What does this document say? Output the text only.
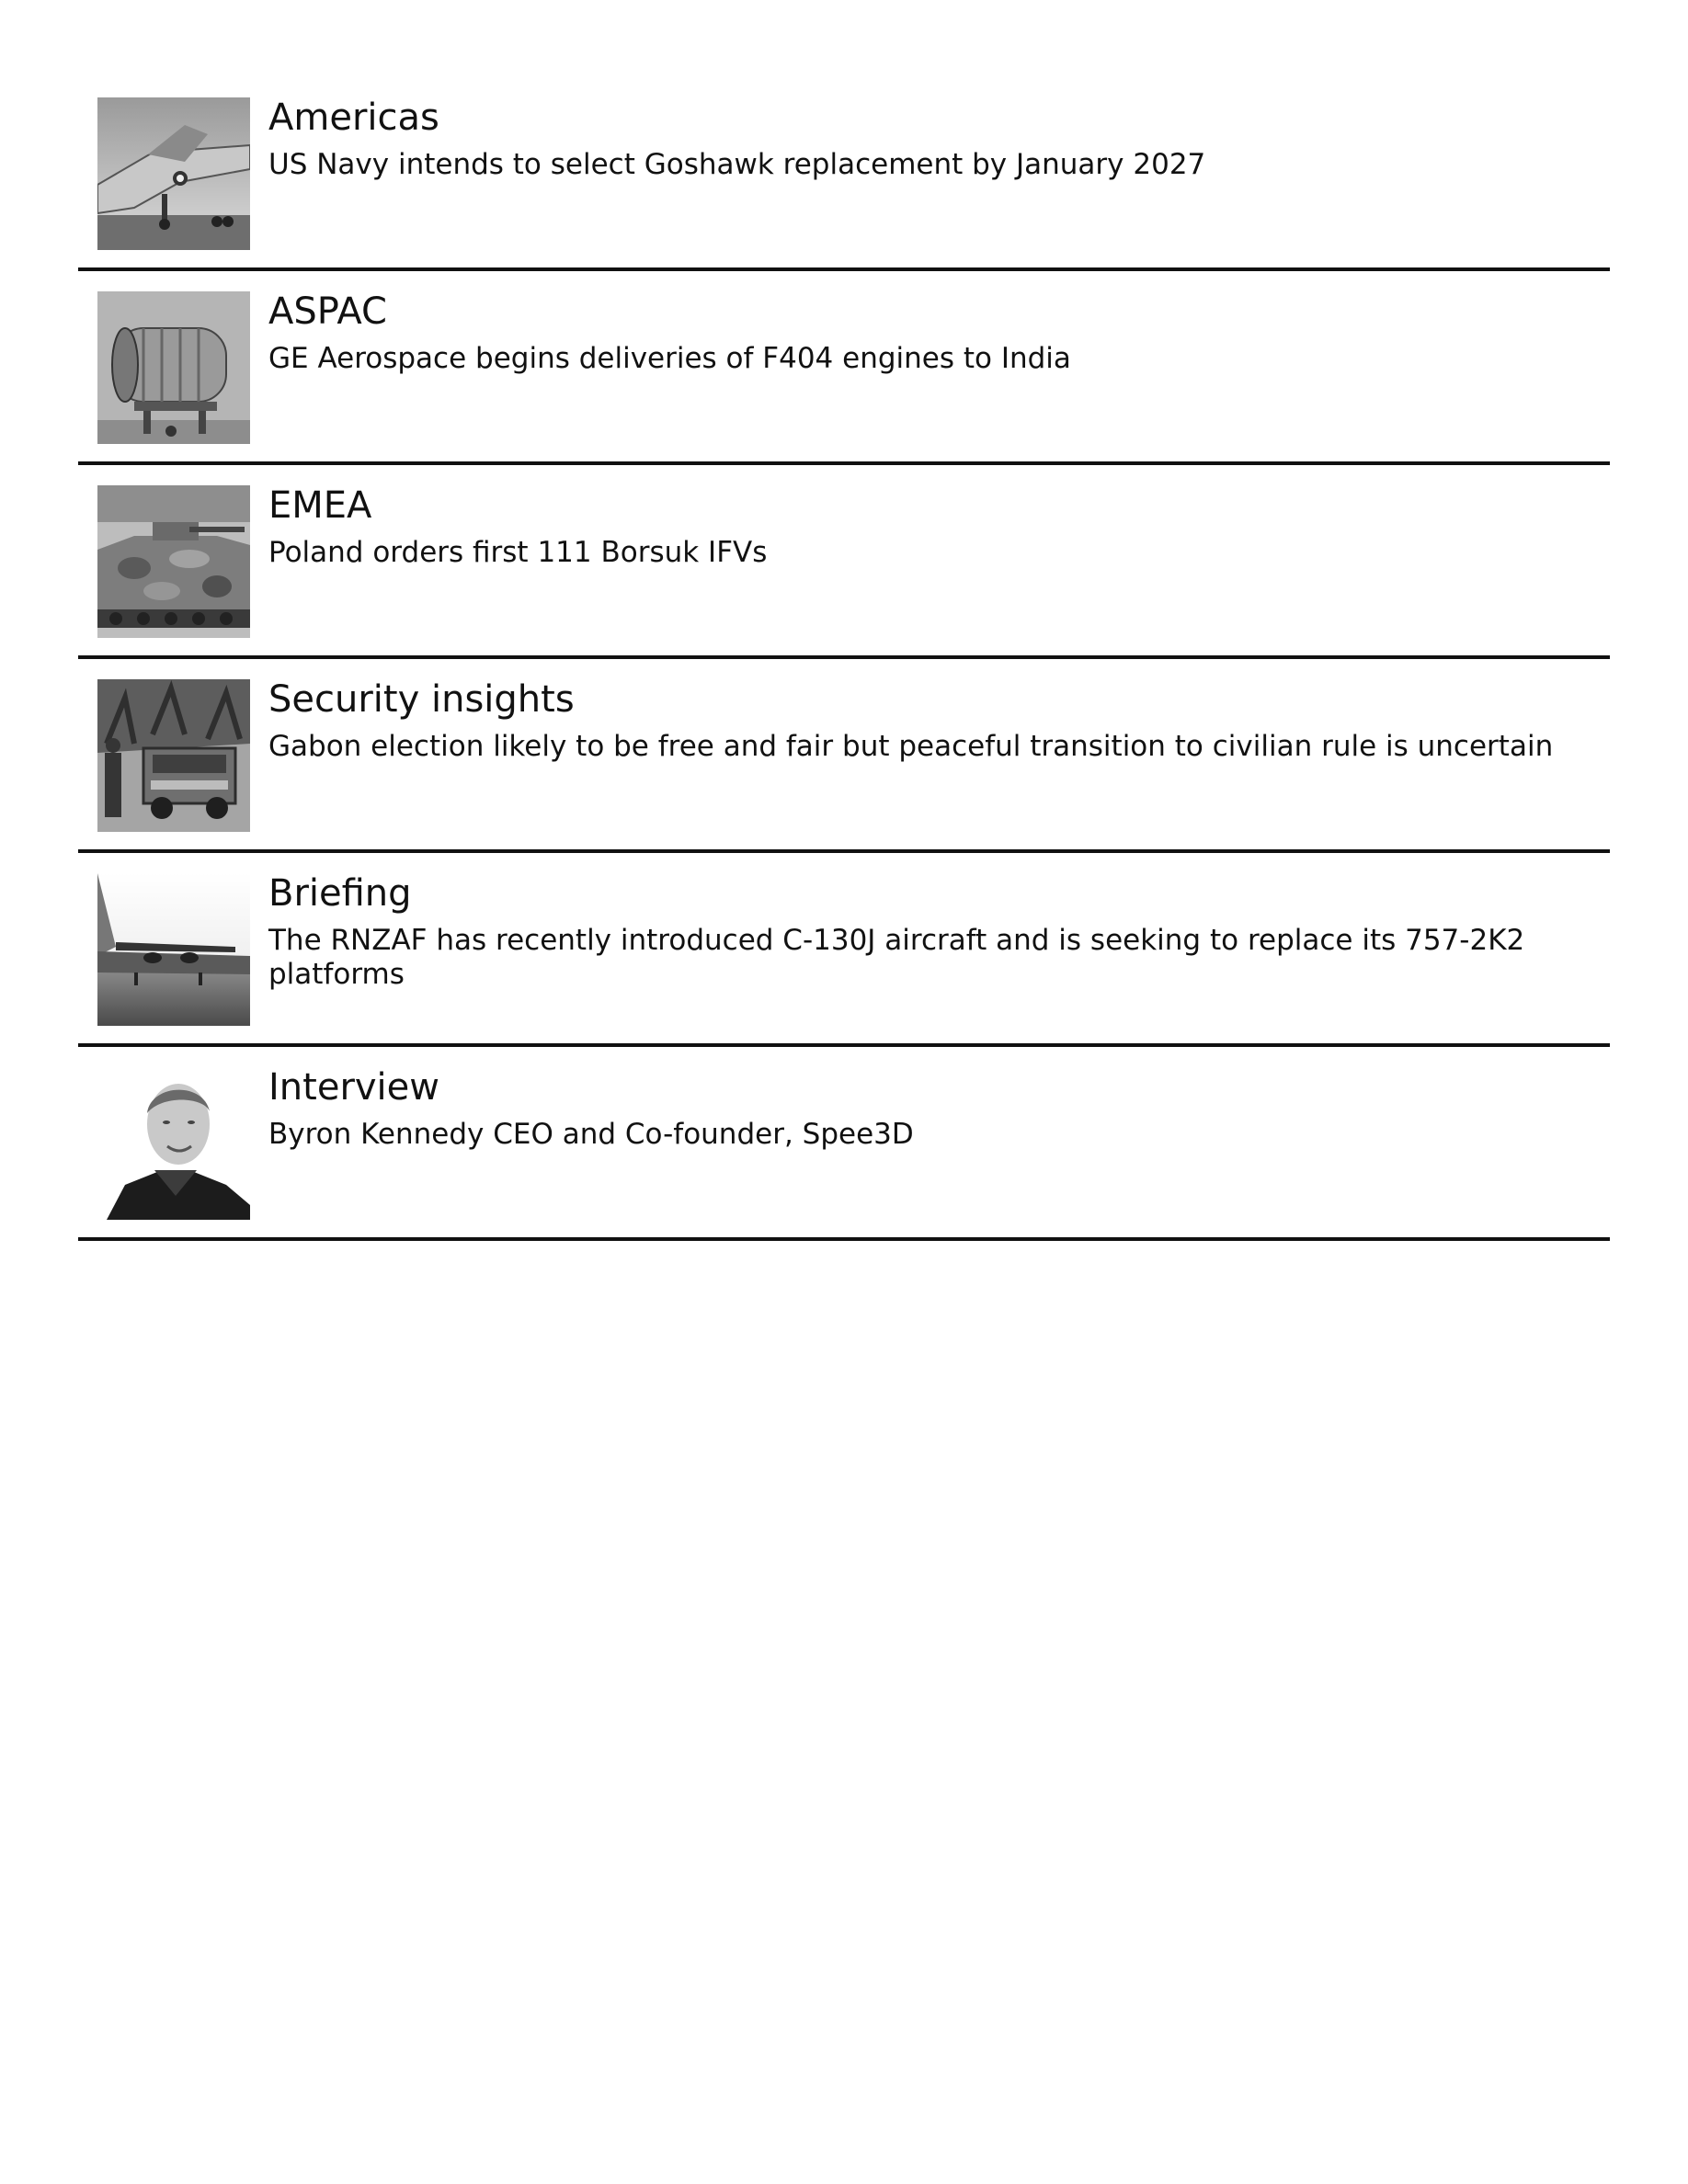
Americas
US Navy intends to select Goshawk replacement by January 2027
ASPAC
GE Aerospace begins deliveries of F404 engines to India
EMEA
Poland orders first 111 Borsuk IFVs
Security insights
Gabon election likely to be free and fair but peaceful transition to civilian rule is uncertain
Briefing
The RNZAF has recently introduced C-130J aircraft and is seeking to replace its 757-2K2 platforms
Interview
Byron Kennedy CEO and Co-founder, Spee3D
